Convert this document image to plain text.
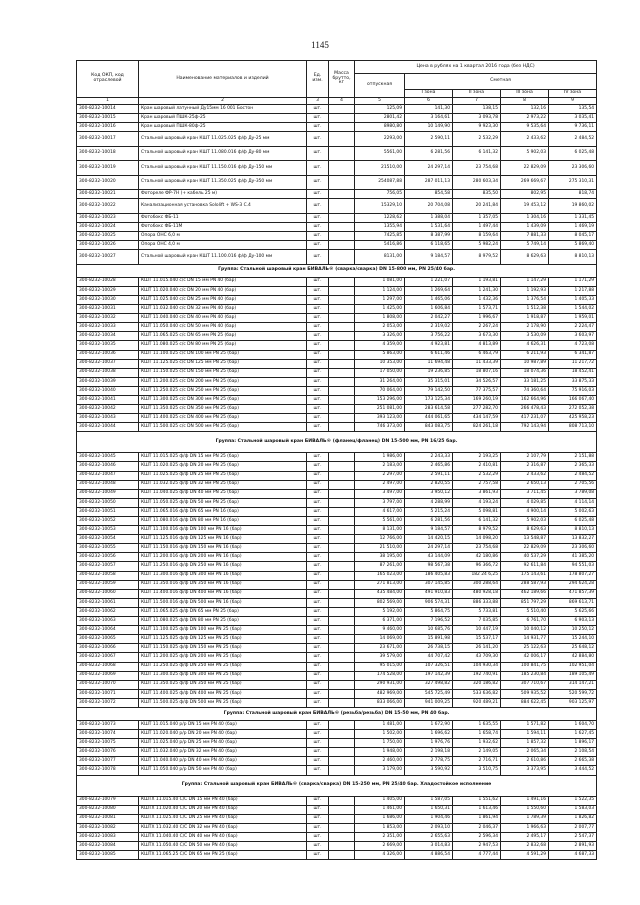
1145
Код ОКП, код отраслевой	Наименование материалов и изделий	Ед. изм.	Масса брутто, кг	Цена в рублях на 1 квартал 2016 года (без НДС)				
				отпускная	Сметная			
					I зона	II зона	III зона	IV зона
1	2	3	4	5	6	7	8	9
300-8232-10014	Кран шаровый латунный Ду15мм 16 001 Бостон	шт.		125,09	141,30	138,15	132,16	135,54
300-8232-10015	Кран шаровый ПШК-25ф-25	шт.		2801,42	3 164,61	3 093,78	2 973,22	3 035,41
300-8232-10016	Кран шаровый ПШК-80ф-25	шт.		8980,80	10 149,90	9 923,30	9 535,64	9 736,11
300-8232-10017	Стальной шаровый кран КШТ 11.025.025 ф/ф Ду-25 мм	шт.		2293,00	2 590,11	2 532,29	2 433,62	2 484,52
300-8232-10018	Стальной шаровый кран КШТ 11.080.016 ф/ф Ду-80 мм	шт.		5561,00	6 281,56	6 141,32	5 902,03	6 025,48
300-8232-10019	Стальной шаровый кран КШТ 11.150.016 ф/ф Ду-150 мм	шт.		21510,00	24 297,14	23 754,68	22 829,09	23 306,60
300-8232-10020	Стальной шаровый кран КШТ 11.350.025 ф/ф Ду-350 мм	шт.		254087,88	287 011,13	280 603,34	269 669,67	275 310,31
300-8232-10021	Фотореле ФР-7Н (+ кабель 25 м)	шт.		756,05	854,58	835,50	802,95	818,74
300-8232-10022	Канализационная установка Sololift + WS-3 С.4	шт.		15329,10	20 704,08	20 241,84	19 453,12	19 860,02
300-8232-10023	Фотобокс ФБ-11	шт.		1228,62	1 388,04	1 357,05	1 304,16	1 331,45
300-8232-10024	Фотобокс ФБ-11М	шт.		1355,94	1 531,64	1 497,44	1 439,09	1 469,19
300-8232-10025	Опора ОНС 6,0 м	шт.		7425,85	8 387,99	8 159,64	7 881,33	8 045,17
300-8232-10026	Опора ОНС 4,0 м	шт.		5416,86	6 118,65	5 982,24	5 749,14	5 869,40
300-8232-10027	Стальной шаровый кран КШТ 11.100.016 ф/ф Ду-100 мм	шт.		8131,00	9 184,57	8 979,52	8 629,63	8 810,13
Группа: Стальной шаровый кран БИВАЛЬ® (сварка/сварка) DN 15-800 мм, PN 25/40 бар.								
300-8232-10028	КШТ 11.015.040 с/с DN 15 мм PN 40 (бар)	шт.		1 081,00	1 221,07	1 193,81	1 147,29	1 171,29
300-8232-10029	КШТ 11.020.040 с/с DN 20 мм PN 40 (бар)	шт.		1 124,00	1 269,64	1 241,30	1 192,93	1 217,88
300-8232-10030	КШТ 11.025.040 с/с DN 25 мм PN 40 (бар)	шт.		1 297,00	1 465,06	1 432,36	1 376,54	1 405,33
300-8232-10031	КШТ 11.032.040 с/с DN 32 мм PN 40 (бар)	шт.		1 425,00	1 606,84	1 573,71	1 512,38	1 544,02
300-8232-10032	КШТ 11.040.040 с/с DN 40 мм PN 40 (бар)	шт.		1 808,00	2 042,27	1 996,67	1 918,87	1 959,01
300-8232-10033	КШТ 11.050.040 с/с DN 50 мм PN 40 (бар)	шт.		2 053,00	2 319,02	2 267,24	2 178,90	2 224,47
300-8232-10034	КШТ 11.065.025 с/с DN 65 мм PN 25 (бар)	шт.		3 326,00	3 756,22	3 673,30	3 530,09	3 603,97
300-8232-10035	КШТ 11.080.025 с/с DN 80 мм PN 25 (бар)	шт.		4 359,00	4 923,81	4 813,89	4 626,31	4 723,08
300-8232-10036	КШТ 11.100.025 с/с DN 100 мм PN 25 (бар)	шт.		5 863,00	6 611,46	6 463,79	6 211,93	6 341,87
300-8232-10037	КШТ 11.125.025 с/с DN 125 мм PN 25 (бар)	шт.		10 353,00	11 694,48	11 433,39	10 987,89	11 217,72
300-8232-10038	КШТ 11.150.025 с/с DN 150 мм PN 25 (бар)	шт.		17 050,00	19 236,85	18 807,16	18 074,36	18 452,41
300-8232-10039	КШТ 11.200.025 с/с DN 200 мм PN 25 (бар)	шт.		31 264,00	35 315,01	34 526,57	33 181,25	33 875,33
300-8232-10040	КШТ 11.250.025 с/с DN 250 мм PN 25 (бар)	шт.		70 064,00	79 142,50	77 375,57	74 360,64	75 916,03
300-8232-10041	КШТ 11.300.025 с/с DN 300 мм PN 25 (бар)	шт.		153 296,00	173 125,34	169 260,19	162 664,96	166 067,40
300-8232-10042	КШТ 11.350.025 с/с DN 350 мм PN 25 (бар)	шт.		251 081,00	283 614,58	277 282,70	266 478,43	272 052,38
300-8232-10043	КШТ 11.400.025 с/с DN 400 мм PN 25 (бар)	шт.		393 123,00	444 061,65	434 147,59	417 231,07	425 958,23
300-8232-10044	КШТ 11.500.025 с/с DN 500 мм PN 25 (бар)	шт.		746 373,00	843 083,75	824 261,18	792 143,94	808 713,10
Группа: Стальной шаровый кран БИВАЛЬ® (фланец/фланец) DN 15-500 мм, PN 16/25 бар.								
300-8232-10045	КШТ 11.015.025 ф/ф DN 15 мм PN 25 (бар)	шт.		1 986,00	2 243,33	2 193,25	2 107,79	2 151,88
300-8232-10046	КШТ 11.020.025 ф/ф DN 20 мм PN 25 (бар)	шт.		2 183,00	2 465,86	2 410,81	2 316,87	2 365,33
300-8232-10047	КШТ 11.025.025 ф/ф DN 25 мм PN 25 (бар)	шт.		2 297,00	2 591,11	2 532,29	2 433,62	2 484,52
300-8232-10048	КШТ 11.032.025 ф/ф DN 32 мм PN 25 (бар)	шт.		2 497,00	2 820,55	2 757,58	2 650,13	2 705,56
300-8232-10049	КШТ 11.040.025 ф/ф DN 40 мм PN 25 (бар)	шт.		3 497,00	3 950,12	3 861,93	3 711,45	3 789,08
300-8232-10050	КШТ 11.050.025 ф/ф DN 50 мм PN 25 (бар)	шт.		3 797,00	4 288,99	4 193,24	4 029,85	4 114,14
300-8232-10051	КШТ 11.065.016 ф/ф DN 65 мм PN 16 (бар)	шт.		4 617,00	5 215,24	5 098,81	4 900,14	5 002,63
300-8232-10052	КШТ 11.080.016 ф/ф DN 80 мм PN 16 (бар)	шт.		5 561,00	6 281,56	6 141,32	5 902,03	6 025,48
300-8232-10053	КШТ 11.100.016 ф/ф DN 100 мм PN 16 (бар)	шт.		8 131,00	9 184,57	8 979,52	8 629,63	8 810,13
300-8232-10054	КШТ 11.125.016 ф/ф DN 125 мм PN 16 (бар)	шт.		12 766,00	14 420,15	14 098,20	13 548,87	13 832,27
300-8232-10055	КШТ 11.150.016 ф/ф DN 150 мм PN 16 (бар)	шт.		21 510,00	24 297,14	23 754,68	22 829,09	23 306,60
300-8232-10056	КШТ 11.200.016 ф/ф DN 200 мм PN 16 (бар)	шт.		38 195,00	43 144,09	42 180,86	40 537,29	41 385,20
300-8232-10057	КШТ 11.250.016 ф/ф DN 250 мм PN 16 (бар)	шт.		87 261,00	98 567,38	96 366,72	92 611,84	94 551,03
300-8232-10058	КШТ 11.300.016 ф/ф DN 300 мм PN 16 (бар)	шт.		165 023,00	186 405,83	182 24 6,25	175 143,61	178 807,27
300-8232-10059	КШТ 11.350.016 ф/ф DN 350 мм PN 16 (бар)	шт.		271 813,00	307 145,85	300 288,64	288 587,93	294 624,28
300-8232-10060	КШТ 11.400.016 ф/ф DN 400 мм PN 16 (бар)	шт.		435 484,00	491 910,83	480 928,18	462 189,66	471 857,39
300-8232-10061	КШТ 11.500.016 ф/ф DN 500 мм PN 16 (бар)	шт.		802 569,00	906 574,31	886 333,88	851 797,29	869 613,71
300-8232-10062	КШТ 11.065.025 ф/ф DN 65 мм PN 25 (бар)	шт.		5 192,00	5 864,75	5 733,81	5 510,40	5 625,66
300-8232-10063	КШТ 11.080.025 ф/ф DN 80 мм PN 25 (бар)	шт.		6 371,00	7 196,52	7 035,85	6 761,70	6 903,13
300-8232-10064	КШТ 11.100.025 ф/ф DN 100 мм PN 25 (бар)	шт.		9 460,00	10 685,76	10 447,19	10 040,12	10 250,12
300-8232-10065	КШТ 11.125.025 ф/ф DN 125 мм PN 25 (бар)	шт.		14 069,00	15 891,98	15 537,17	14 931,77	15 244,10
300-8232-10066	КШТ 11.150.025 ф/ф DN 150 мм PN 25 (бар)	шт.		23 671,00	26 738,15	26 141,20	25 122,63	25 648,12
300-8232-10067	КШТ 11.200.025 ф/ф DN 200 мм PN 25 (бар)	шт.		39 579,00	44 707,42	43 709,30	42 006,17	42 884,80
300-8232-10068	КШТ 11.250.025 ф/ф DN 250 мм PN 25 (бар)	шт.		95 015,00	107 326,51	104 930,34	100 841,75	102 951,04
300-8232-10069	КШТ 11.300.025 ф/ф DN 300 мм PN 25 (бар)	шт.		174 528,00	197 142,39	192 740,91	185 230,84	189 105,49
300-8232-10070	КШТ 11.350.025 ф/ф DN 350 мм PN 25 (бар)	шт.		290 931,00	327 498,82	320 186,82	307 710,67	314 147,21
300-8232-10071	КШТ 11.400.025 ф/ф DN 400 мм PN 25 (бар)	шт.		482 969,00	545 725,49	533 636,82	509 935,52	520 599,72
300-8232-10072	КШТ 11.500.025 ф/ф DN 500 мм PN 25 (бар)	шт.		833 066,00	941 009,25	920 489,21	884 622,45	903 125,97
Группа: Стальной шаровый кран БИВАЛЬ® (резьба/резьба) DN 15-50 мм, PN 40 бар.								
300-8232-10073	КШТ 11.015.040 р/р DN 15 мм PN 40 (бар)	шт.		1 481,00	1 672,90	1 635,55	1 571,82	1 604,70
300-8232-10074	КШТ 11.020.040 р/р DN 20 мм PN 40 (бар)	шт.		1 502,00	1 696,62	1 658,74	1 594,11	1 627,45
300-8232-10075	КШТ 11.025.040 р/р DN 25 мм PN 40 (бар)	шт.		1 750,00	1 976,76	1 932,62	1 857,32	1 896,17
300-8232-10076	КШТ 11.032.040 р/р DN 32 мм PN 40 (бар)	шт.		1 948,00	2 198,18	2 149,05	2 065,34	2 108,54
300-8232-10077	КШТ 11.040.040 р/р DN 40 мм PN 40 (бар)	шт.		2 460,00	2 778,75	2 716,71	2 610,86	2 665,38
300-8232-10078	КШТ 11.050.040 р/р DN 50 мм PN 40 (бар)	шт.		3 179,00	3 590,92	3 510,75	3 373,95	3 444,52
Группа: Стальной шаровый кран БИВАЛЬ® (сварка/сварка) DN 15-250 мм, PN 25/40 бар. Хладостойкое исполнение								
300-8232-10079	КШТХ 11.015.40 С/С DN 15 мм PN 40 (бар)	шт.		1 405,00	1 587,05	1 551,62	1 491,16	1 522,35
300-8232-10080	КШТХ 11.020.40 С/С DN 20 мм PN 40 (бар)	шт.		1 461,00	1 650,31	1 613,46	1 550,60	1 583,03
300-8232-10081	КШТХ 11.025.40 С/С DN 25 мм PN 40 (бар)	шт.		1 686,00	1 904,46	1 861,94	1 789,39	1 826,82
300-8232-10082	КШТХ 11.032.40 С/С DN 32 мм PN 40 (бар)	шт.		1 853,00	2 093,10	2 046,37	1 966,63	2 007,77
300-8232-10083	КШТХ 11.040.40 С/С DN 40 мм PN 40 (бар)	шт.		2 351,00	2 655,63	2 596,34	2 495,17	2 547,37
300-8232-10084	КШТХ 11.050.40 С/С DN 50 мм PN 40 (бар)	шт.		2 669,00	3 014,83	2 947,53	2 832,68	2 891,93
300-8232-10085	КШТХ 11.065.25 С/С DN 65 мм PN 25 (бар)	шт.		4 326,00	4 886,54	4 777,44	4 591,29	4 687,33
